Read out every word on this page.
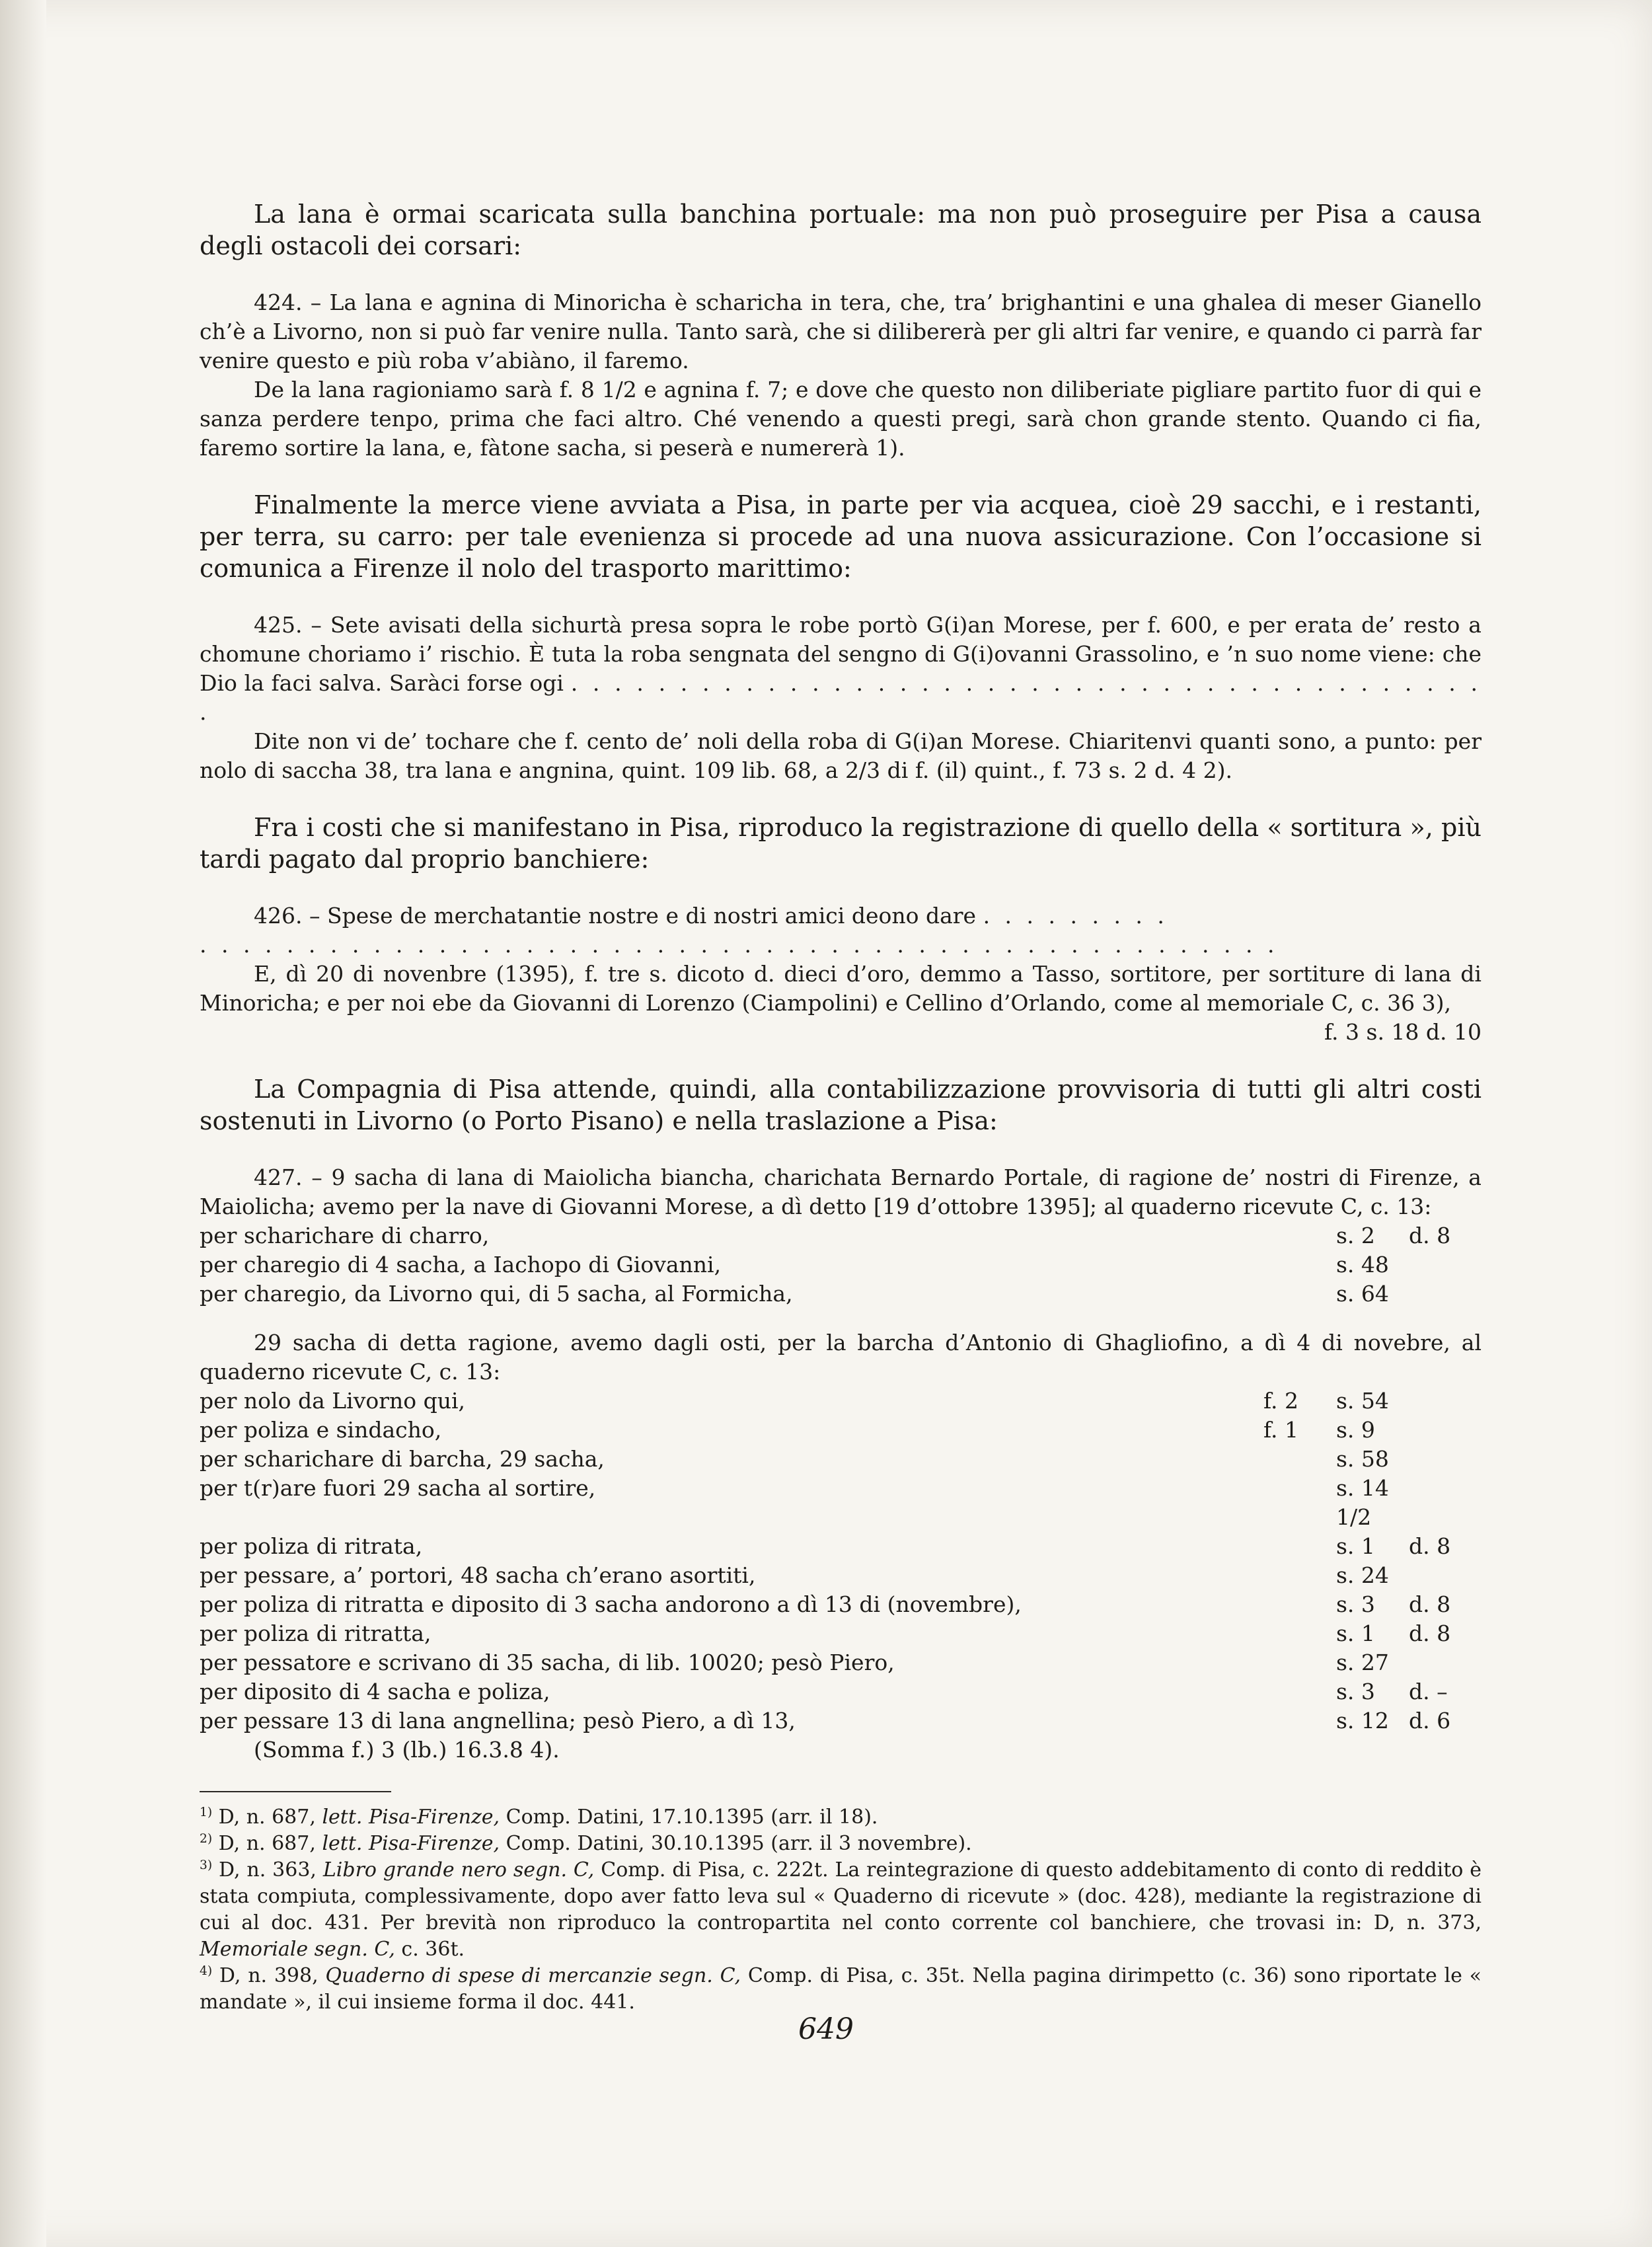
La lana è ormai scaricata sulla banchina portuale: ma non può proseguire per Pisa a causa degli ostacoli dei corsari:

424. – La lana e agnina di Minoricha è scharicha in tera, che, tra’ brighantini e una ghalea di meser Gianello ch’è a Livorno, non si può far venire nulla. Tanto sarà, che si dilibererà per gli altri far venire, e quando ci parrà far venire questo e più roba v’abiàno, il faremo.

De la lana ragioniamo sarà f. 8 1/2 e agnina f. 7; e dove che questo non diliberiate pigliare partito fuor di qui e sanza perdere tenpo, prima che faci altro. Ché venendo a questi pregi, sarà chon grande stento. Quando ci fia, faremo sortire la lana, e, fàtone sacha, si peserà e numererà 1).

Finalmente la merce viene avviata a Pisa, in parte per via acquea, cioè 29 sacchi, e i restanti, per terra, su carro: per tale evenienza si procede ad una nuova assicurazione. Con l’occasione si comunica a Firenze il nolo del trasporto marittimo:

425. – Sete avisati della sichurtà presa sopra le robe portò G(i)an Morese, per f. 600, e per erata de’ resto a chomune choriamo i’ rischio. È tuta la roba sengnata del sengno di G(i)ovanni Grassolino, e ’n suo nome viene: che Dio la faci salva. Saràci forse ogi . . . . . . . . . . . . . . . . . . . . . . . . . . . . . . . . . . . . . . . . . . .

Dite non vi de’ tochare che f. cento de’ noli della roba di G(i)an Morese. Chiaritenvi quanti sono, a punto: per nolo di saccha 38, tra lana e angnina, quint. 109 lib. 68, a 2/3 di f. (il) quint., f. 73 s. 2 d. 4 2).

Fra i costi che si manifestano in Pisa, riproduco la registrazione di quello della « sortitura », più tardi pagato dal proprio banchiere:

426. – Spese de merchatantie nostre e di nostri amici deono dare . . . . . . . . .

. . . . . . . . . . . . . . . . . . . . . . . . . . . . . . . . . . . . . . . . . . . . . . . . . .

E, dì 20 di novenbre (1395), f. tre s. dicoto d. dieci d’oro, demmo a Tasso, sortitore, per sortiture di lana di Minoricha; e per noi ebe da Giovanni di Lorenzo (Ciampolini) e Cellino d’Orlando, come al memoriale C, c. 36 3),

f. 3 s. 18 d. 10

La Compagnia di Pisa attende, quindi, alla contabilizzazione provvisoria di tutti gli altri costi sostenuti in Livorno (o Porto Pisano) e nella traslazione a Pisa:

427. – 9 sacha di lana di Maiolicha biancha, charichata Bernardo Portale, di ragione de’ nostri di Firenze, a Maiolicha; avemo per la nave di Giovanni Morese, a dì detto [19 d’ottobre 1395]; al quaderno ricevute C, c. 13:

per scharichare di charro,	s. 2	d. 8
per charegio di 4 sacha, a Iachopo di Giovanni,	s. 48
per charegio, da Livorno qui, di 5 sacha, al Formicha,	s. 64

29 sacha di detta ragione, avemo dagli osti, per la barcha d’Antonio di Ghagliofino, a dì 4 di novebre, al quaderno ricevute C, c. 13:

per nolo da Livorno qui,	f. 2	s. 54
per poliza e sindacho,	f. 1	s. 9
per scharichare di barcha, 29 sacha,	s. 58
per t(r)are fuori 29 sacha al sortire,	s. 14 1/2
per poliza di ritrata,	s. 1	d. 8
per pessare, a’ portori, 48 sacha ch’erano asortiti,	s. 24
per poliza di ritratta e diposito di 3 sacha andorono a dì 13 di (novembre),	s. 3	d. 8
per poliza di ritratta,	s. 1	d. 8
per pessatore e scrivano di 35 sacha, di lib. 10020; pesò Piero,	s. 27
per diposito di 4 sacha e poliza,	s. 3	d. –
per pessare 13 di lana angnellina; pesò Piero, a dì 13,	s. 12 d. 6

(Somma f.) 3 (lb.) 16.3.8 4).

$^{1)}$ D, n. 687, lett. Pisa-Firenze, Comp. Datini, 17.10.1395 (arr. il 18).

$^{2)}$ D, n. 687, lett. Pisa-Firenze, Comp. Datini, 30.10.1395 (arr. il 3 novembre).

$^{3)}$ D, n. 363, Libro grande nero segn. C, Comp. di Pisa, c. 222t. La reintegrazione di questo addebitamento di conto di reddito è stata compiuta, complessivamente, dopo aver fatto leva sul « Quaderno di ricevute » (doc. 428), mediante la registrazione di cui al doc. 431. Per brevità non riproduco la contropartita nel conto corrente col banchiere, che trovasi in: D, n. 373, Memoriale segn. C, c. 36t.

$^{4)}$ D, n. 398, Quaderno di spese di mercanzie segn. C, Comp. di Pisa, c. 35t. Nella pagina dirimpetto (c. 36) sono riportate le « mandate », il cui insieme forma il doc. 441.

649
